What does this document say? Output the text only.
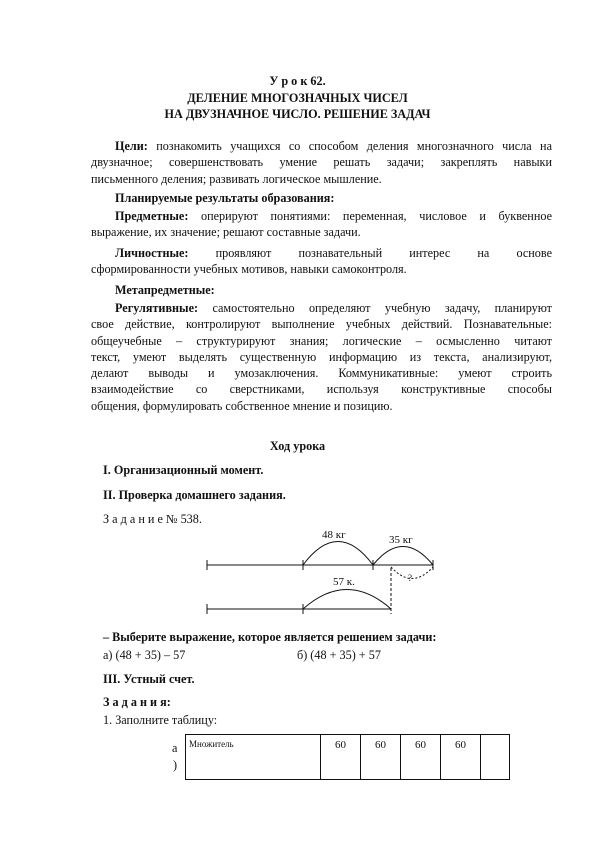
У р о к 62.
ДЕЛЕНИЕ МНОГОЗНАЧНЫХ ЧИСЕЛ
НА ДВУЗНАЧНОЕ ЧИСЛО. РЕШЕНИЕ ЗАДАЧ
Цели: познакомить учащихся со способом деления многозначного числа на
двузначное; совершенствовать умение решать задачи; закреплять навыки
письменного деления; развивать логическое мышление.
Планируемые результаты образования:
Предметные: оперируют понятиями: переменная, числовое и буквенное
выражение, их значение; решают составные задачи.
Личностные: проявляют познавательный интерес на основе
сформированности учебных мотивов, навыки самоконтроля.
Метапредметные:
Регулятивные: самостоятельно определяют учебную задачу, планируют
свое действие, контролируют выполнение учебных действий. Познавательные:
общеучебные – структурируют знания; логические – осмысленно читают
текст, умеют выделять существенную информацию из текста, анализируют,
делают выводы и умозаключения. Коммуникативные: умеют строить
взаимодействие со сверстниками, используя конструктивные способы
общения, формулировать собственное мнение и позицию.
Ход урока
I. Организационный момент.
II. Проверка домашнего задания.
З а д а н и е № 538.
48 кг	35 кг
57 к.	?
– Выберите выражение, которое является решением задачи:
а) (48 + 35) – 57	б) (48 + 35) + 57
III. Устный счет.
З а д а н и я:
1. Заполните таблицу:
а
)
Множитель	60	60	60	60	
